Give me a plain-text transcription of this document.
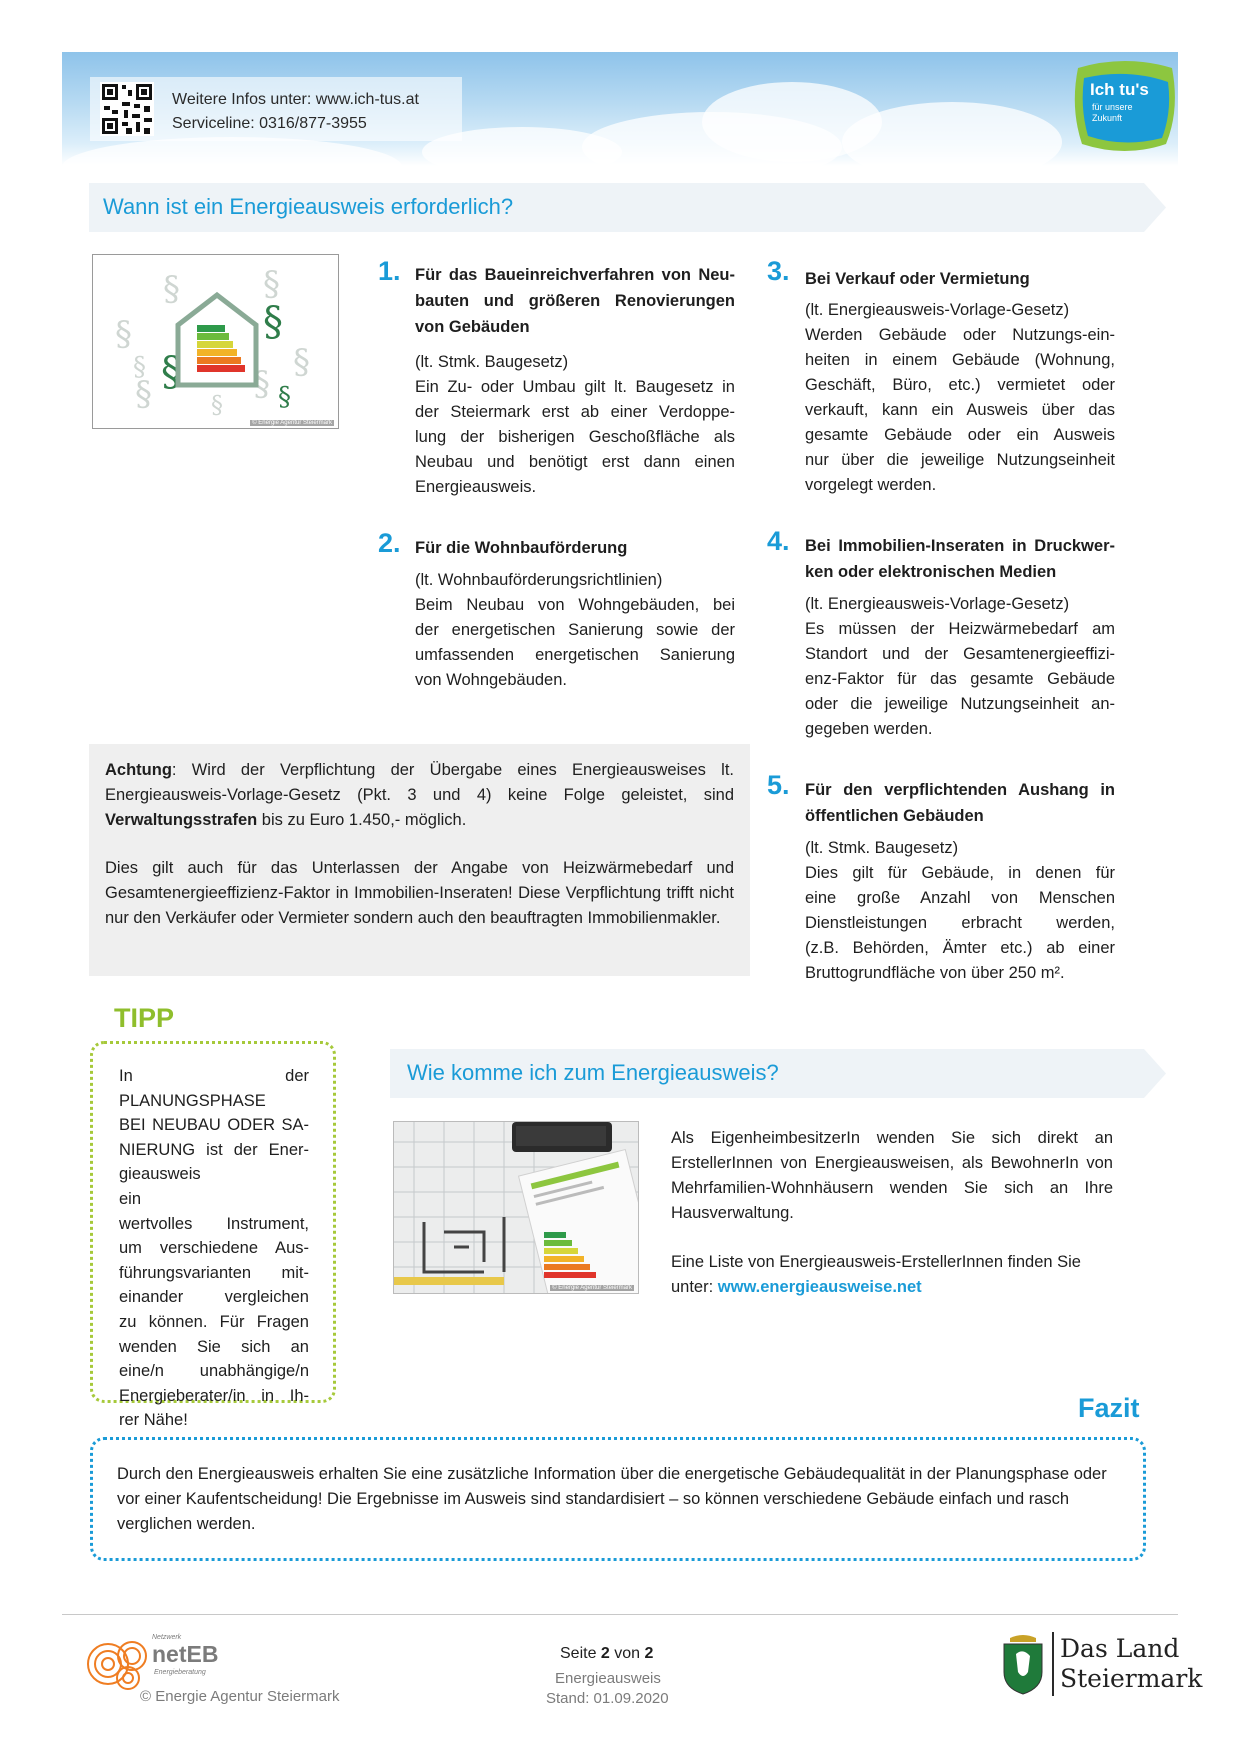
Weitere Infos unter: www.ich-tus.at
Serviceline: 0316/877-3955
Ich tu's
für unsere
Zukunft
Wann ist ein Energieausweis erforderlich?
§
§
§
§
§
§	§
§
§
§
§
© Energie Agentur Steiermark
1. Für das Baueinreichverfahren von Neu-
bauten und größeren Renovierungen
von Gebäuden
(lt. Stmk. Baugesetz)
Ein Zu- oder Umbau gilt lt. Baugesetz in
der Steiermark erst ab einer Verdoppe-
lung der bisherigen Geschoßfläche als
Neubau und benötigt erst dann einen
Energieausweis.
2. Für die Wohnbauförderung
(lt. Wohnbauförderungsrichtlinien)
Beim Neubau von Wohngebäuden, bei
der energetischen Sanierung sowie der
umfassenden energetischen Sanierung
von Wohngebäuden.
3. Bei Verkauf oder Vermietung
(lt. Energieausweis-Vorlage-Gesetz)
Werden Gebäude oder Nutzungs-ein-
heiten in einem Gebäude (Wohnung,
Geschäft, Büro, etc.) vermietet oder
verkauft, kann ein Ausweis über das
gesamte Gebäude oder ein Ausweis
nur über die jeweilige Nutzungseinheit
vorgelegt werden.
4. Bei Immobilien-Inseraten in Druckwer-
ken oder elektronischen Medien
(lt. Energieausweis-Vorlage-Gesetz)
Es müssen der Heizwärmebedarf am
Standort und der Gesamtenergieeffizi-
enz-Faktor für das gesamte Gebäude
oder die jeweilige Nutzungseinheit an-
gegeben werden.
5. Für den verpflichtenden Aushang in
öffentlichen Gebäuden
(lt. Stmk. Baugesetz)
Dies gilt für Gebäude, in denen für
eine große Anzahl von Menschen
Dienstleistungen erbracht werden,
(z.B. Behörden, Ämter etc.) ab einer
Bruttogrundfläche von über 250 m².
Achtung: Wird der Verpflichtung der Übergabe eines Energieausweises lt. Energieausweis-Vorlage-Gesetz (Pkt. 3 und 4) keine Folge geleistet, sind Verwaltungsstrafen bis zu Euro 1.450,- möglich.
Dies gilt auch für das Unterlassen der Angabe von Heizwärmebedarf und Gesamtenergieeffizienz-Faktor in Immobilien-Inseraten! Diese Verpflichtung trifft nicht nur den Verkäufer oder Vermieter sondern auch den beauftragten Immobilienmakler.
TIPP
In der PLANUNGSPHASE
BEI NEUBAU ODER SA-
NIERUNG ist der Ener-
gieausweis ein
wertvolles Instrument,
um verschiedene Aus-
führungsvarianten mit-
einander vergleichen
zu können. Für Fragen
wenden Sie sich an
eine/n unabhängige/n
Energieberater/in in Ih-
rer Nähe!
Wie komme ich zum Energieausweis?
© Energie Agentur Steiermark
Als EigenheimbesitzerIn wenden Sie sich direkt an ErstellerInnen von Energieausweisen, als BewohnerIn von Mehrfamilien-Wohnhäusern wenden Sie sich an Ihre Hausverwaltung.
Eine Liste von Energieausweis-ErstellerInnen finden Sie unter: www.energieausweise.net
Fazit
Durch den Energieausweis erhalten Sie eine zusätzliche Information über die energetische Gebäudequalität in der Planungsphase oder vor einer Kaufentscheidung! Die Ergebnisse im Ausweis sind standardisiert – so können verschiedene Gebäude einfach und rasch verglichen werden.
Netzwerk
netEB
Energieberatung
© Energie Agentur Steiermark
Seite 2 von 2
Energieausweis
Stand: 01.09.2020
Das Land
Steiermark
